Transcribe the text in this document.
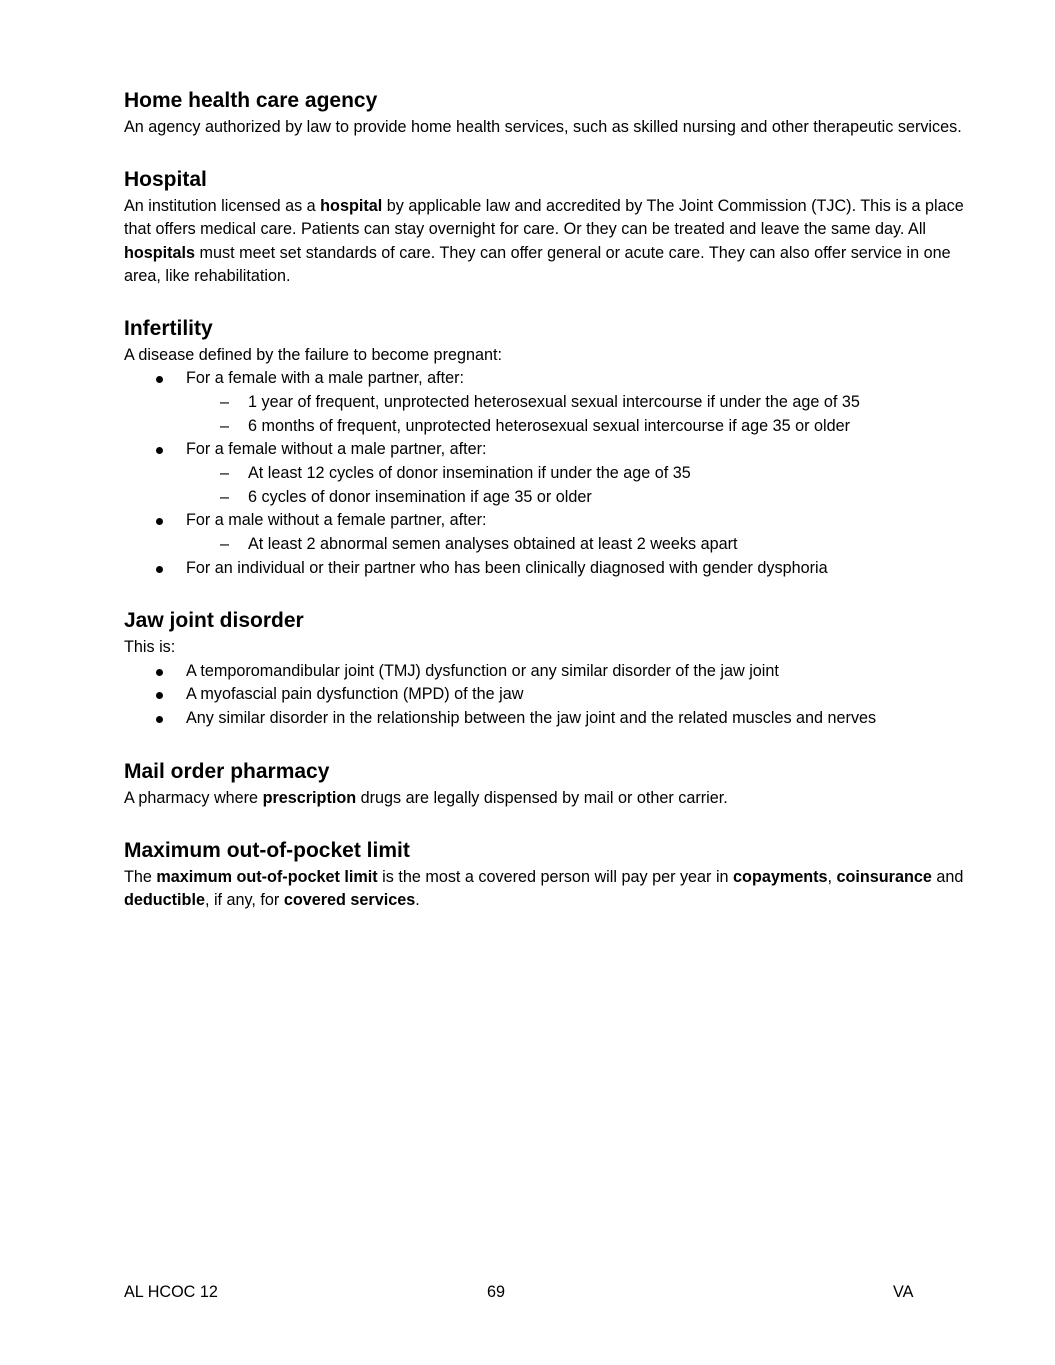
Home health care agency

An agency authorized by law to provide home health services, such as skilled nursing and other therapeutic services.

Hospital

An institution licensed as a hospital by applicable law and accredited by The Joint Commission (TJC). This is a place that offers medical care. Patients can stay overnight for care. Or they can be treated and leave the same day. All hospitals must meet set standards of care. They can offer general or acute care. They can also offer service in one area, like rehabilitation.

Infertility

A disease defined by the failure to become pregnant:

For a female with a male partner, after:
– 1 year of frequent, unprotected heterosexual sexual intercourse if under the age of 35
– 6 months of frequent, unprotected heterosexual sexual intercourse if age 35 or older
For a female without a male partner, after:
– At least 12 cycles of donor insemination if under the age of 35
– 6 cycles of donor insemination if age 35 or older
For a male without a female partner, after:
– At least 2 abnormal semen analyses obtained at least 2 weeks apart
For an individual or their partner who has been clinically diagnosed with gender dysphoria
Jaw joint disorder

This is:

A temporomandibular joint (TMJ) dysfunction or any similar disorder of the jaw joint
A myofascial pain dysfunction (MPD) of the jaw
Any similar disorder in the relationship between the jaw joint and the related muscles and nerves
Mail order pharmacy

A pharmacy where prescription drugs are legally dispensed by mail or other carrier.

Maximum out-of-pocket limit

The maximum out-of-pocket limit is the most a covered person will pay per year in copayments, coinsurance and deductible, if any, for covered services.

AL HCOC 12	69	VA
